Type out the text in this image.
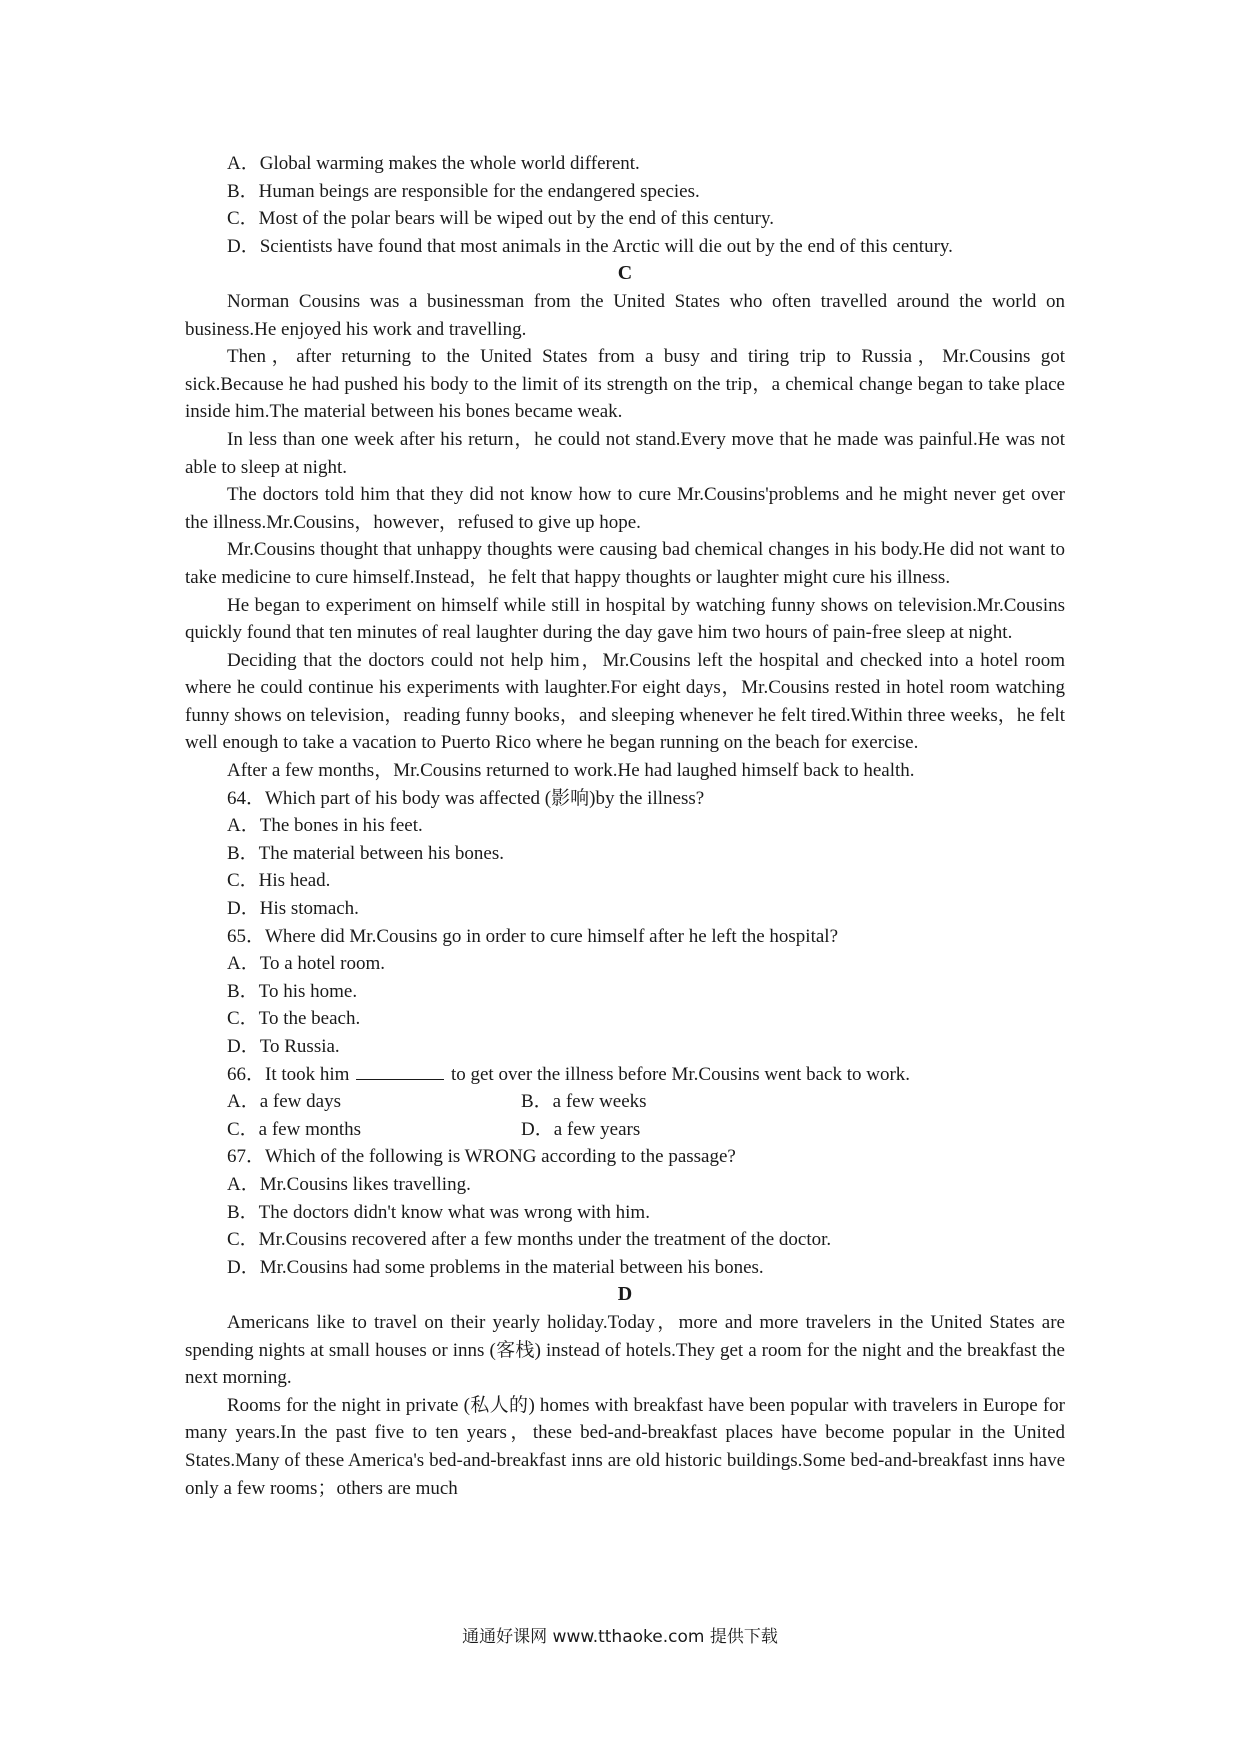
A．Global warming makes the whole world different.

B．Human beings are responsible for the endangered species.

C．Most of the polar bears will be wiped out by the end of this century.

D．Scientists have found that most animals in the Arctic will die out by the end of this century.

C

Norman Cousins was a businessman from the United States who often travelled around the world on business.He enjoyed his work and travelling.

Then，after returning to the United States from a busy and tiring trip to Russia，Mr.Cousins got sick.Because he had pushed his body to the limit of its strength on the trip，a chemical change began to take place inside him.The material between his bones became weak.

In less than one week after his return，he could not stand.Every move that he made was painful.He was not able to sleep at night.

The doctors told him that they did not know how to cure Mr.Cousins'problems and he might never get over the illness.Mr.Cousins，however，refused to give up hope.

Mr.Cousins thought that unhappy thoughts were causing bad chemical changes in his body.He did not want to take medicine to cure himself.Instead，he felt that happy thoughts or laughter might cure his illness.

He began to experiment on himself while still in hospital by watching funny shows on television.Mr.Cousins quickly found that ten minutes of real laughter during the day gave him two hours of pain-free sleep at night.

Deciding that the doctors could not help him，Mr.Cousins left the hospital and checked into a hotel room where he could continue his experiments with laughter.For eight days，Mr.Cousins rested in hotel room watching funny shows on television，reading funny books，and sleeping whenever he felt tired.Within three weeks，he felt well enough to take a vacation to Puerto Rico where he began running on the beach for exercise.

After a few months，Mr.Cousins returned to work.He had laughed himself back to health.

64．Which part of his body was affected (影响)by the illness?

A．The bones in his feet.

B．The material between his bones.

C．His head.

D．His stomach.

65．Where did Mr.Cousins go in order to cure himself after he left the hospital?

A．To a hotel room.

B．To his home.

C．To the beach.

D．To Russia.

66．It took him	to get over the illness before Mr.Cousins went back to work.

A．a few days	B．a few weeks

C．a few months	D．a few years

67．Which of the following is WRONG according to the passage?

A．Mr.Cousins likes travelling.

B．The doctors didn't know what was wrong with him.

C．Mr.Cousins recovered after a few months under the treatment of the doctor.

D．Mr.Cousins had some problems in the material between his bones.

D

Americans like to travel on their yearly holiday.Today，more and more travelers in the United States are spending nights at small houses or inns (客栈) instead of hotels.They get a room for the night and the breakfast the next morning.

Rooms for the night in private (私人的) homes with breakfast have been popular with travelers in Europe for many years.In the past five to ten years，these bed-and-breakfast places have become popular in the United States.Many of these America's bed-and-breakfast inns are old historic buildings.Some bed-and-breakfast inns have only a few rooms；others are much

通通好课网 www.tthaoke.com 提供下载
